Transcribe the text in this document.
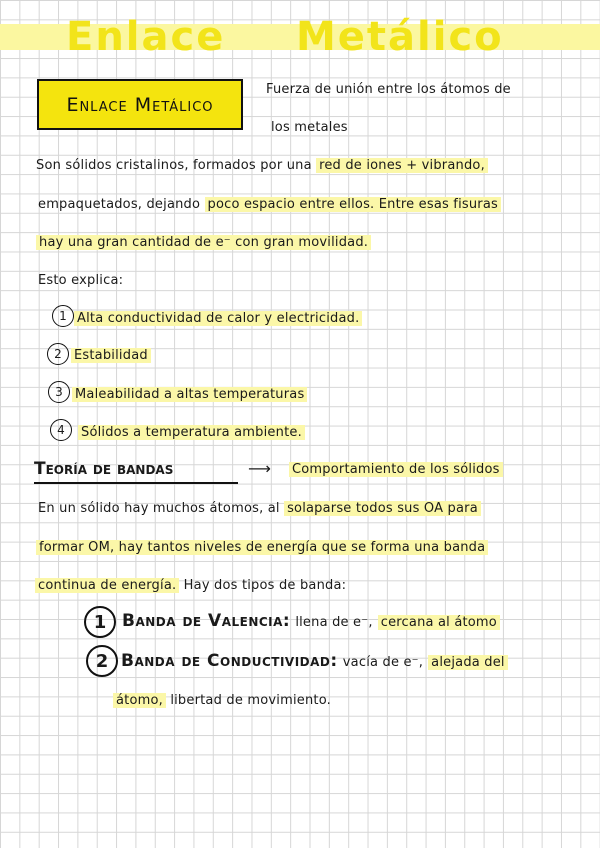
Enlace Metálico
Enlace Metálico
Fuerza de unión entre los átomos de
los metales
Son sólidos cristalinos, formados por una red de iones + vibrando,
empaquetados, dejando poco espacio entre ellos. Entre esas fisuras
hay una gran cantidad de e⁻ con gran movilidad.
Esto explica:
1 Alta conductividad de calor y electricidad.
2 Estabilidad
3 Maleabilidad a altas temperaturas
4	Sólidos a temperatura ambiente.
Teoría de bandas	⟶ Comportamiento de los sólidos
En un sólido hay muchos átomos, al solaparse todos sus OA para
formar OM, hay tantos niveles de energía que se forma una banda
continua de energía. Hay dos tipos de banda:
1 Banda de Valencia: llena de e⁻, cercana al átomo
2 Banda de Conductividad: vacía de e⁻, alejada del
átomo, libertad de movimiento.
